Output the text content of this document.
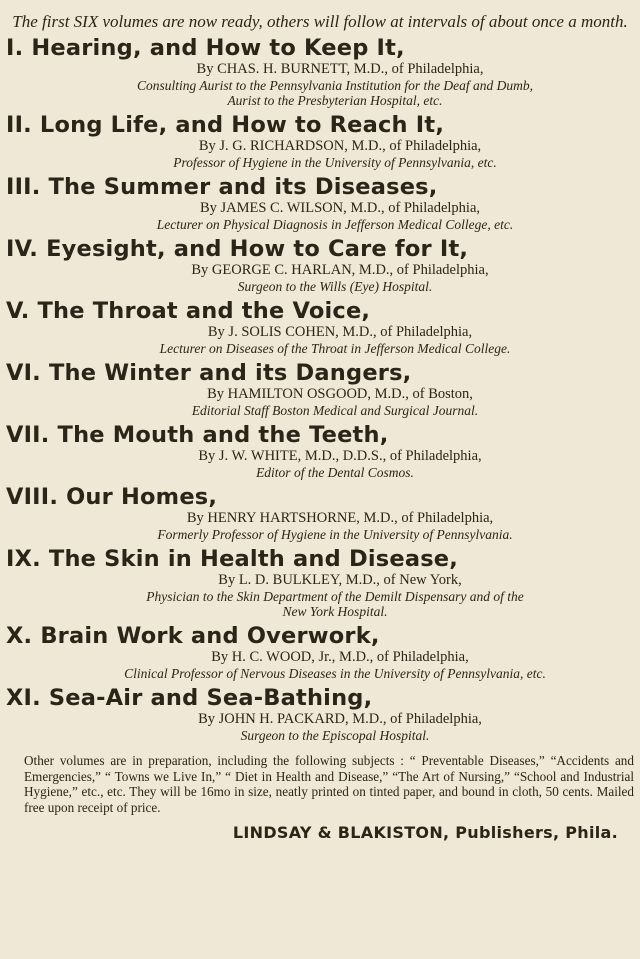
The first SIX volumes are now ready, others will follow at intervals of about once a month.
I. Hearing, and How to Keep It,
By CHAS. H. BURNETT, M.D., of Philadelphia,
Consulting Aurist to the Pennsylvania Institution for the Deaf and Dumb,
Aurist to the Presbyterian Hospital, etc.
II. Long Life, and How to Reach It,
By J. G. RICHARDSON, M.D., of Philadelphia,
Professor of Hygiene in the University of Pennsylvania, etc.
III. The Summer and its Diseases,
By JAMES C. WILSON, M.D., of Philadelphia,
Lecturer on Physical Diagnosis in Jefferson Medical College, etc.
IV. Eyesight, and How to Care for It,
By GEORGE C. HARLAN, M.D., of Philadelphia,
Surgeon to the Wills (Eye) Hospital.
V. The Throat and the Voice,
By J. SOLIS COHEN, M.D., of Philadelphia,
Lecturer on Diseases of the Throat in Jefferson Medical College.
VI. The Winter and its Dangers,
By HAMILTON OSGOOD, M.D., of Boston,
Editorial Staff Boston Medical and Surgical Journal.
VII. The Mouth and the Teeth,
By J. W. WHITE, M.D., D.D.S., of Philadelphia,
Editor of the Dental Cosmos.
VIII. Our Homes,
By HENRY HARTSHORNE, M.D., of Philadelphia,
Formerly Professor of Hygiene in the University of Pennsylvania.
IX. The Skin in Health and Disease,
By L. D. BULKLEY, M.D., of New York,
Physician to the Skin Department of the Demilt Dispensary and of the
New York Hospital.
X. Brain Work and Overwork,
By H. C. WOOD, Jr., M.D., of Philadelphia,
Clinical Professor of Nervous Diseases in the University of Pennsylvania, etc.
XI. Sea-Air and Sea-Bathing,
By JOHN H. PACKARD, M.D., of Philadelphia,
Surgeon to the Episcopal Hospital.
Other volumes are in preparation, including the following subjects : “ Preventable Diseases,” “Accidents and Emergencies,” “ Towns we Live In,” “ Diet in Health and Disease,” “The Art of Nursing,” “School and Industrial Hygiene,” etc., etc. They will be 16mo in size, neatly printed on tinted paper, and bound in cloth, 50 cents. Mailed free upon receipt of price.
LINDSAY & BLAKISTON, Publishers, Phila.
